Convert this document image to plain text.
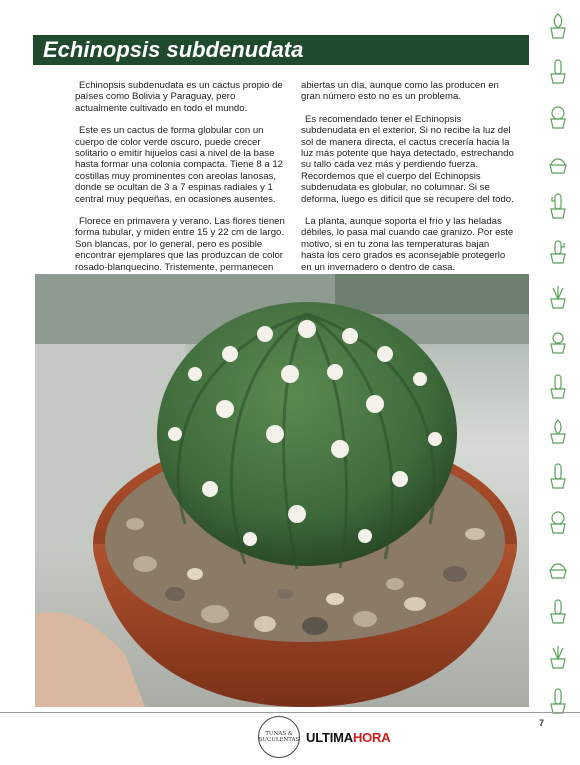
Echinopsis subdenudata

Echinopsis subdenudata es un cactus propio de países como Bolivia y Paraguay, pero actualmente cultivado en todo el mundo.

Este es un cactus de forma globular con un cuerpo de color verde oscuro, puede crecer solitario o emitir hijuelos casi a nivel de la base hasta formar una colonia compacta. Tiene 8 a 12 costillas muy prominentes con areolas lanosas, donde se ocultan de 3 a 7 espinas radiales y 1 central muy pequeñas, en ocasiones ausentes.

Florece en primavera y verano. Las flores tienen forma tubular, y miden entre 15 y 22 cm de largo. Son blancas, por lo general, pero es posible encontrar ejemplares que las produzcan de color rosado-blanquecino. Tristemente, permanecen

abiertas un día, aunque como las producen en gran número esto no es un problema.

Es recomendado tener el Echinopsis subdenudata en el exterior. Si no recibe la luz del sol de manera directa, el cactus crecería hacia la luz más potente que haya detectado, estrechando su tallo cada vez más y perdiendo fuerza. Recordemos que el cuerpo del Echinopsis subdenudata es globular, no columnar. Si se deforma, luego es difícil que se recupere del todo.

La planta, aunque soporta el frío y las heladas débiles, lo pasa mal cuando cae granizo. Por este motivo, si en tu zona las temperaturas bajan hasta los cero grados es aconsejable protegerlo en un invernadero o dentro de casa.

TUNAS &
SUCULENTAS ULTIMAHORA
7
